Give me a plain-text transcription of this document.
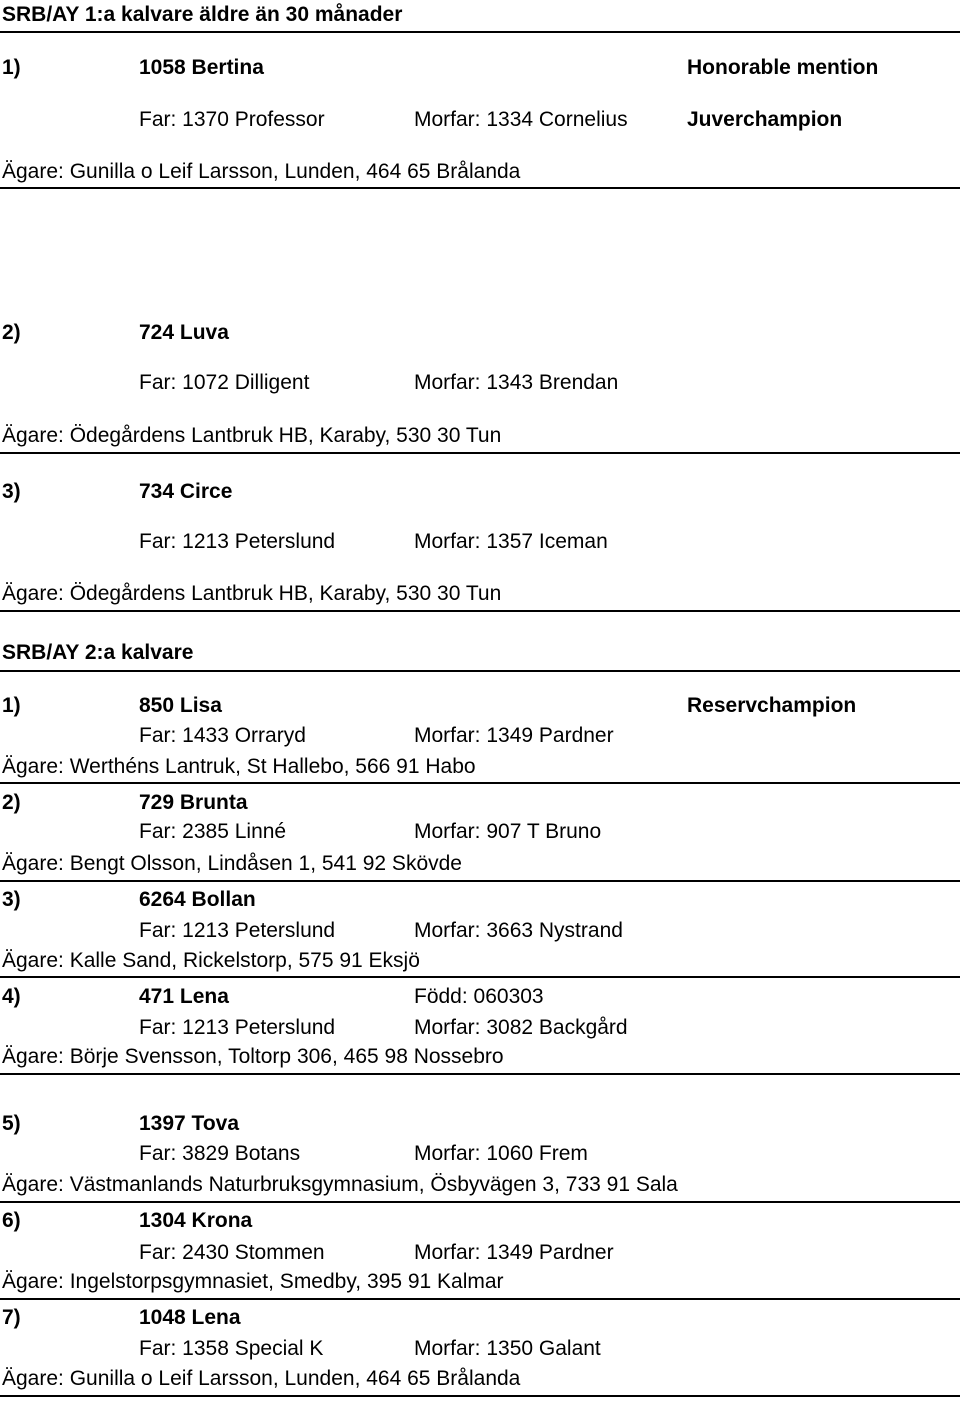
SRB/AY 1:a kalvare äldre än 30 månader
1)	1058 Bertina	Honorable mention
Far: 1370 Professor	Morfar: 1334 Cornelius	Juverchampion
Ägare: Gunilla o Leif Larsson, Lunden, 464 65 Brålanda
2)	724 Luva
Far: 1072 Dilligent	Morfar: 1343 Brendan
Ägare: Ödegårdens Lantbruk HB, Karaby, 530 30 Tun
3)	734 Circe
Far: 1213 Peterslund	Morfar: 1357 Iceman
Ägare: Ödegårdens Lantbruk HB, Karaby, 530 30 Tun
SRB/AY 2:a kalvare
1)	850 Lisa	Reservchampion
Far: 1433 Orraryd	Morfar: 1349 Pardner
Ägare: Werthéns Lantruk, St Hallebo, 566 91 Habo
2)	729 Brunta
Far: 2385 Linné	Morfar: 907 T Bruno
Ägare: Bengt Olsson, Lindåsen 1, 541 92 Skövde
3)	6264 Bollan
Far: 1213 Peterslund	Morfar: 3663 Nystrand
Ägare: Kalle Sand, Rickelstorp, 575 91 Eksjö
4)	471 Lena	Född: 060303
Far: 1213 Peterslund	Morfar: 3082 Backgård
Ägare: Börje Svensson, Toltorp 306, 465 98 Nossebro
5)	1397 Tova
Far: 3829 Botans	Morfar: 1060 Frem
Ägare: Västmanlands Naturbruksgymnasium, Ösbyvägen 3, 733 91 Sala
6)	1304 Krona
Far: 2430 Stommen	Morfar: 1349 Pardner
Ägare: Ingelstorpsgymnasiet, Smedby, 395 91 Kalmar
7)	1048 Lena
Far: 1358 Special K	Morfar: 1350 Galant
Ägare: Gunilla o Leif Larsson, Lunden, 464 65 Brålanda
